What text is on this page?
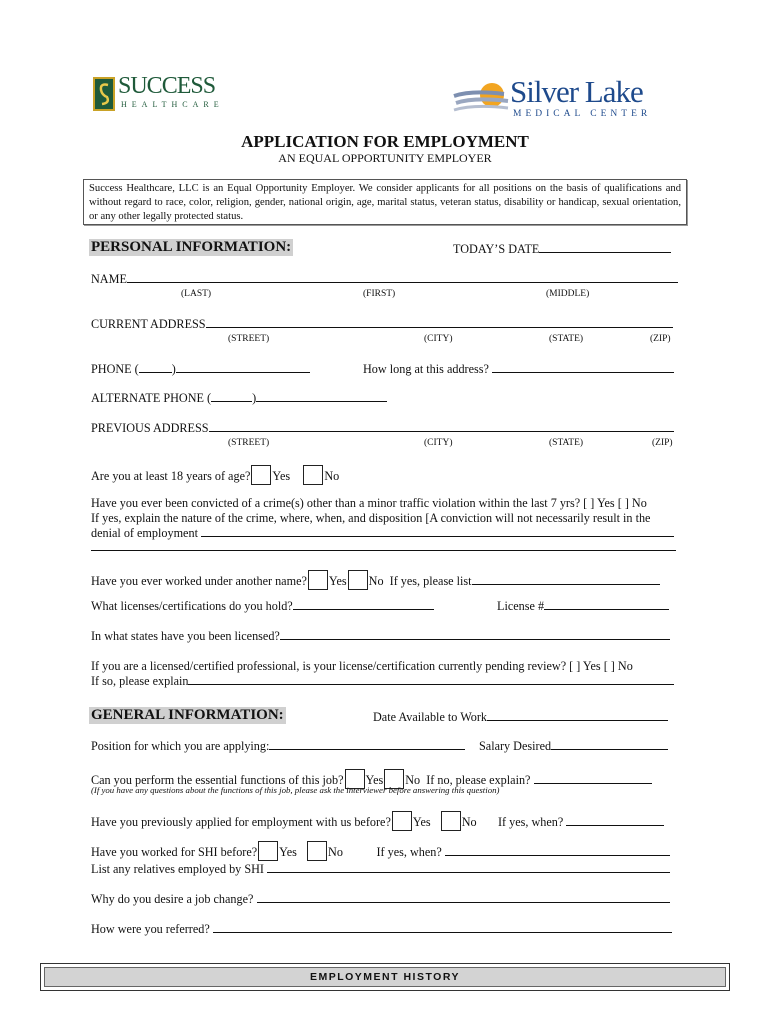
SUCCESS
HEALTHCARE	Silver Lake
MEDICAL CENTER
APPLICATION FOR EMPLOYMENT
AN EQUAL OPPORTUNITY EMPLOYER
Success Healthcare, LLC is an Equal Opportunity Employer. We consider applicants for all positions on the basis of qualifications and without regard to race, color, religion, gender, national origin, age, marital status, veteran status, disability or handicap, sexual orientation, or any other legally protected status.
PERSONAL INFORMATION:	TODAY’S DATE
NAME
(LAST)	(FIRST)	(MIDDLE)
CURRENT ADDRESS
(STREET)	(CITY)	(STATE)	(ZIP)
PHONE (	)	How long at this address?
ALTERNATE PHONE (	)
PREVIOUS ADDRESS
(STREET)	(CITY)	(STATE)	(ZIP)
Are you at least 18 years of age? Yes	No
Have you ever been convicted of a crime(s) other than a minor traffic violation within the last 7 yrs? [ ] Yes [ ] No
If yes, explain the nature of the crime, where, when, and disposition [A conviction will not necessarily result in the
denial of employment
Have you ever worked under another name? Yes No If yes, please list
What licenses/certifications do you hold?	License #
In what states have you been licensed?
If you are a licensed/certified professional, is your license/certification currently pending review? [ ] Yes [ ] No
If so, please explain
GENERAL INFORMATION:	Date Available to Work
Position for which you are applying:	Salary Desired
Can you perform the essential functions of this job? Yes No If no, please explain?
(If you have any questions about the functions of this job, please ask the interviewer before answering this question)
Have you previously applied for employment with us before? Yes	No If yes, when?
Have you worked for SHI before? Yes	No	If yes, when?
List any relatives employed by SHI
Why do you desire a job change?
How were you referred?
EMPLOYMENT HISTORY
